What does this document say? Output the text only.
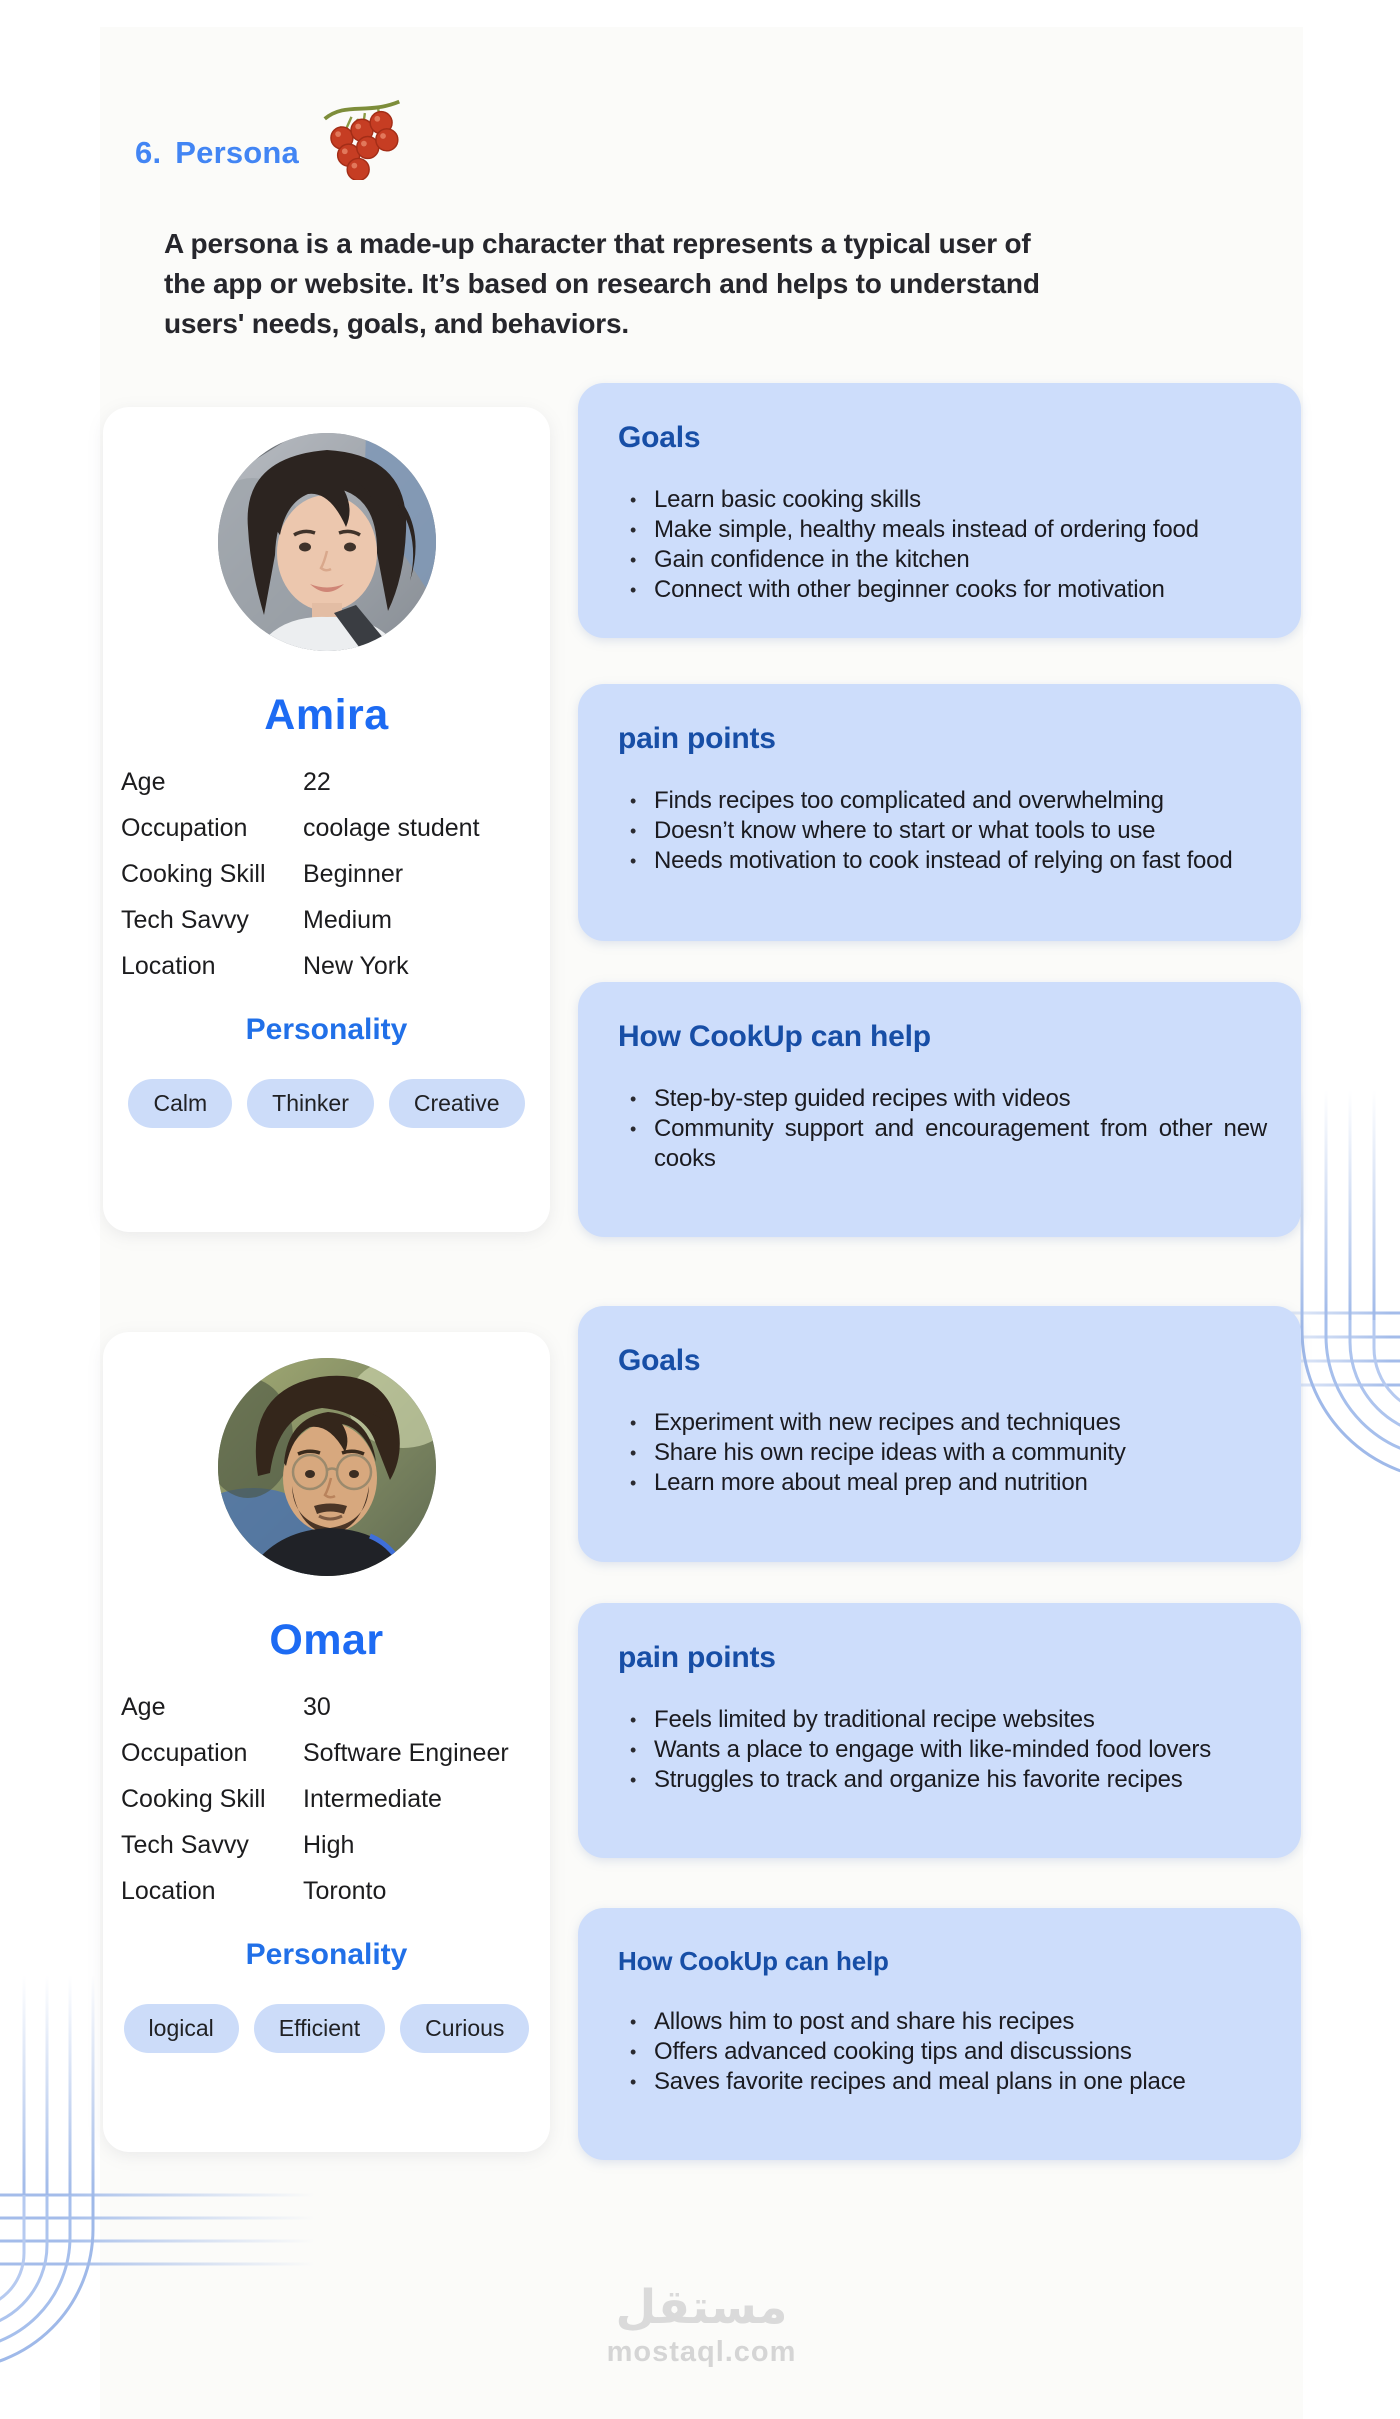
6. Persona

A persona is a made-up character that represents a typical user of the app or website. It’s based on research and helps to understand users' needs, goals, and behaviors.

Amira
Age	22
Occupation	coolage student
Cooking Skill	Beginner
Tech Savvy	Medium
Location	New York
Personality
Calm	Thinker	Creative
Goals
• Learn basic cooking skills
• Make simple, healthy meals instead of ordering food
• Gain confidence in the kitchen
• Connect with other beginner cooks for motivation
pain points
• Finds recipes too complicated and overwhelming
• Doesn’t know where to start or what tools to use
• Needs motivation to cook instead of relying on fast food
How CookUp can help
• Step-by-step guided recipes with videos
• Community support and encouragement from other new cooks
Omar
Age	30
Occupation	Software Engineer
Cooking Skill	Intermediate
Tech Savvy	High
Location	Toronto
Personality
logical	Efficient	Curious
Goals
• Experiment with new recipes and techniques
• Share his own recipe ideas with a community
• Learn more about meal prep and nutrition
pain points
• Feels limited by traditional recipe websites
• Wants a place to engage with like-minded food lovers
• Struggles to track and organize his favorite recipes
How CookUp can help
• Allows him to post and share his recipes
• Offers advanced cooking tips and discussions
• Saves favorite recipes and meal plans in one place
مستقل
mostaql.com
